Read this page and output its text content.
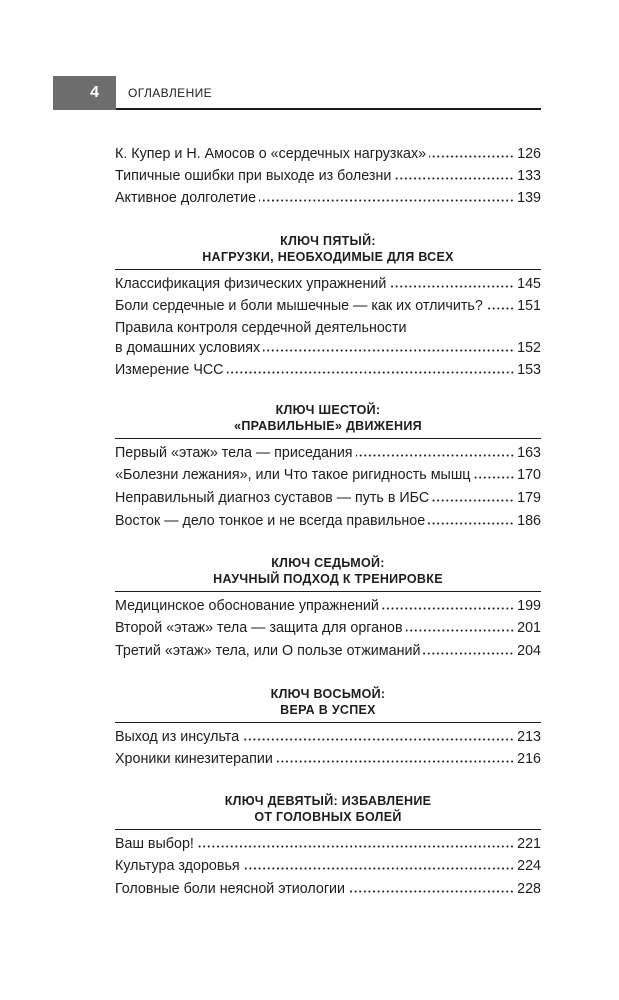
4 ОГЛАВЛЕНИЕ
К. Купер и Н. Амосов о «сердечных нагрузках»	126
Типичные ошибки при выходе из болезни	133
Активное долголетие	139
КЛЮЧ ПЯТЫЙ:
НАГРУЗКИ, НЕОБХОДИМЫЕ ДЛЯ ВСЕХ
Классификация физических упражнений	145
Боли сердечные и боли мышечные — как их отличить? 151
Правила контроля сердечной деятельности
в домашних условиях	152
Измерение ЧСС	153
КЛЮЧ ШЕСТОЙ:
«ПРАВИЛЬНЫЕ» ДВИЖЕНИЯ
Первый «этаж» тела — приседания	163
«Болезни лежания», или Что такое ригидность мышц	170
Неправильный диагноз суставов — путь в ИБС	179
Восток — дело тонкое и не всегда правильное	186
КЛЮЧ СЕДЬМОЙ:
НАУЧНЫЙ ПОДХОД К ТРЕНИРОВКЕ
Медицинское обоснование упражнений	199
Второй «этаж» тела — защита для органов	201
Третий «этаж» тела, или О пользе отжиманий	204
КЛЮЧ ВОСЬМОЙ:
ВЕРА В УСПЕХ
Выход из инсульта	213
Хроники кинезитерапии	216
КЛЮЧ ДЕВЯТЫЙ: ИЗБАВЛЕНИЕ
ОТ ГОЛОВНЫХ БОЛЕЙ
Ваш выбор!	221
Культура здоровья	224
Головные боли неясной этиологии	228
